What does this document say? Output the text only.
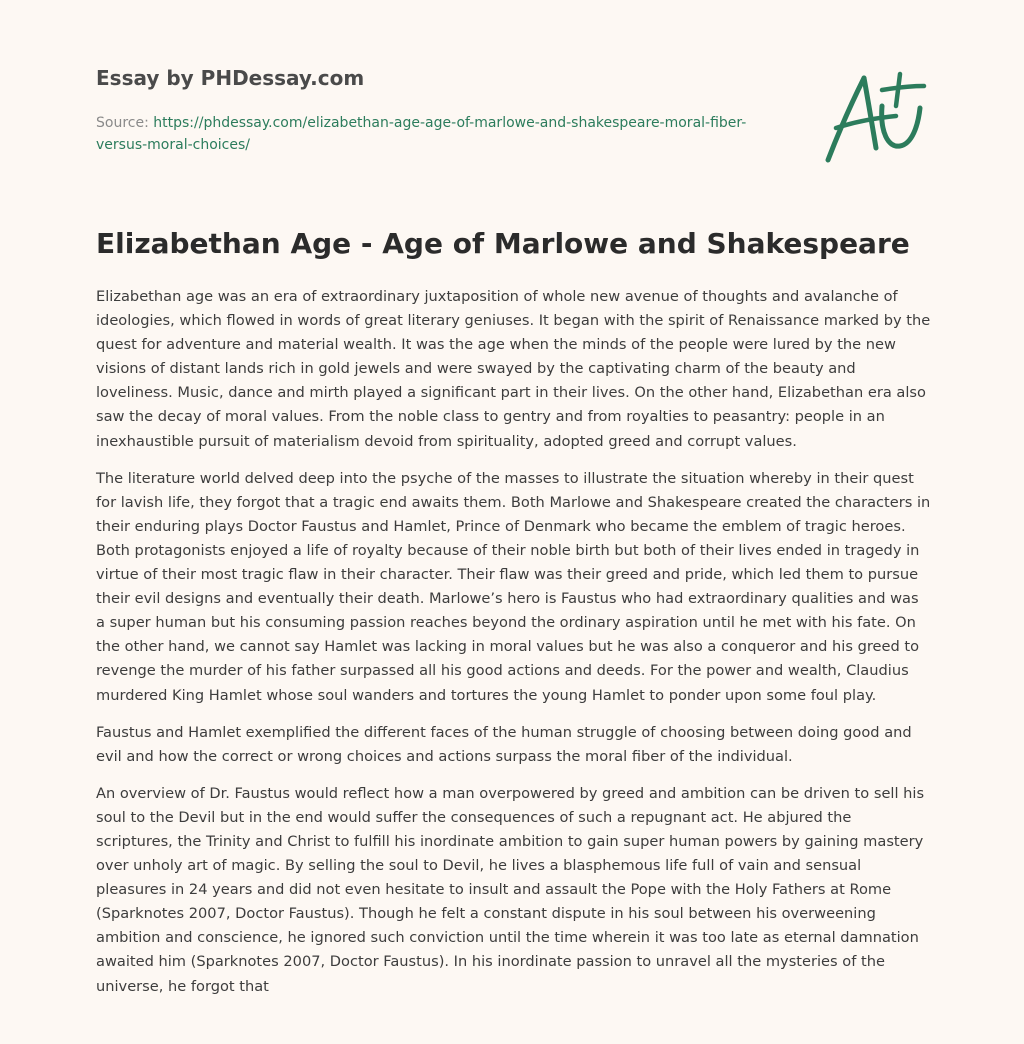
Essay by PHDessay.com

Source: https://phdessay.com/elizabethan-age-age-of-marlowe-and-shakespeare-moral-fiber-versus-moral-choices/
Elizabethan Age - Age of Marlowe and Shakespeare

Elizabethan age was an era of extraordinary juxtaposition of whole new avenue of thoughts and avalanche of ideologies, which flowed in words of great literary geniuses. It began with the spirit of Renaissance marked by the quest for adventure and material wealth. It was the age when the minds of the people were lured by the new visions of distant lands rich in gold jewels and were swayed by the captivating charm of the beauty and loveliness. Music, dance and mirth played a significant part in their lives. On the other hand, Elizabethan era also saw the decay of moral values. From the noble class to gentry and from royalties to peasantry: people in an inexhaustible pursuit of materialism devoid from spirituality, adopted greed and corrupt values.

The literature world delved deep into the psyche of the masses to illustrate the situation whereby in their quest for lavish life, they forgot that a tragic end awaits them. Both Marlowe and Shakespeare created the characters in their enduring plays Doctor Faustus and Hamlet, Prince of Denmark who became the emblem of tragic heroes. Both protagonists enjoyed a life of royalty because of their noble birth but both of their lives ended in tragedy in virtue of their most tragic flaw in their character. Their flaw was their greed and pride, which led them to pursue their evil designs and eventually their death. Marlowe’s hero is Faustus who had extraordinary qualities and was a super human but his consuming passion reaches beyond the ordinary aspiration until he met with his fate. On the other hand, we cannot say Hamlet was lacking in moral values but he was also a conqueror and his greed to revenge the murder of his father surpassed all his good actions and deeds. For the power and wealth, Claudius murdered King Hamlet whose soul wanders and tortures the young Hamlet to ponder upon some foul play.

Faustus and Hamlet exemplified the different faces of the human struggle of choosing between doing good and evil and how the correct or wrong choices and actions surpass the moral fiber of the individual.

An overview of Dr. Faustus would reflect how a man overpowered by greed and ambition can be driven to sell his soul to the Devil but in the end would suffer the consequences of such a repugnant act. He abjured the scriptures, the Trinity and Christ to fulfill his inordinate ambition to gain super human powers by gaining mastery over unholy art of magic. By selling the soul to Devil, he lives a blasphemous life full of vain and sensual pleasures in 24 years and did not even hesitate to insult and assault the Pope with the Holy Fathers at Rome (Sparknotes 2007, Doctor Faustus). Though he felt a constant dispute in his soul between his overweening ambition and conscience, he ignored such conviction until the time wherein it was too late as eternal damnation awaited him (Sparknotes 2007, Doctor Faustus). In his inordinate passion to unravel all the mysteries of the universe, he forgot that
